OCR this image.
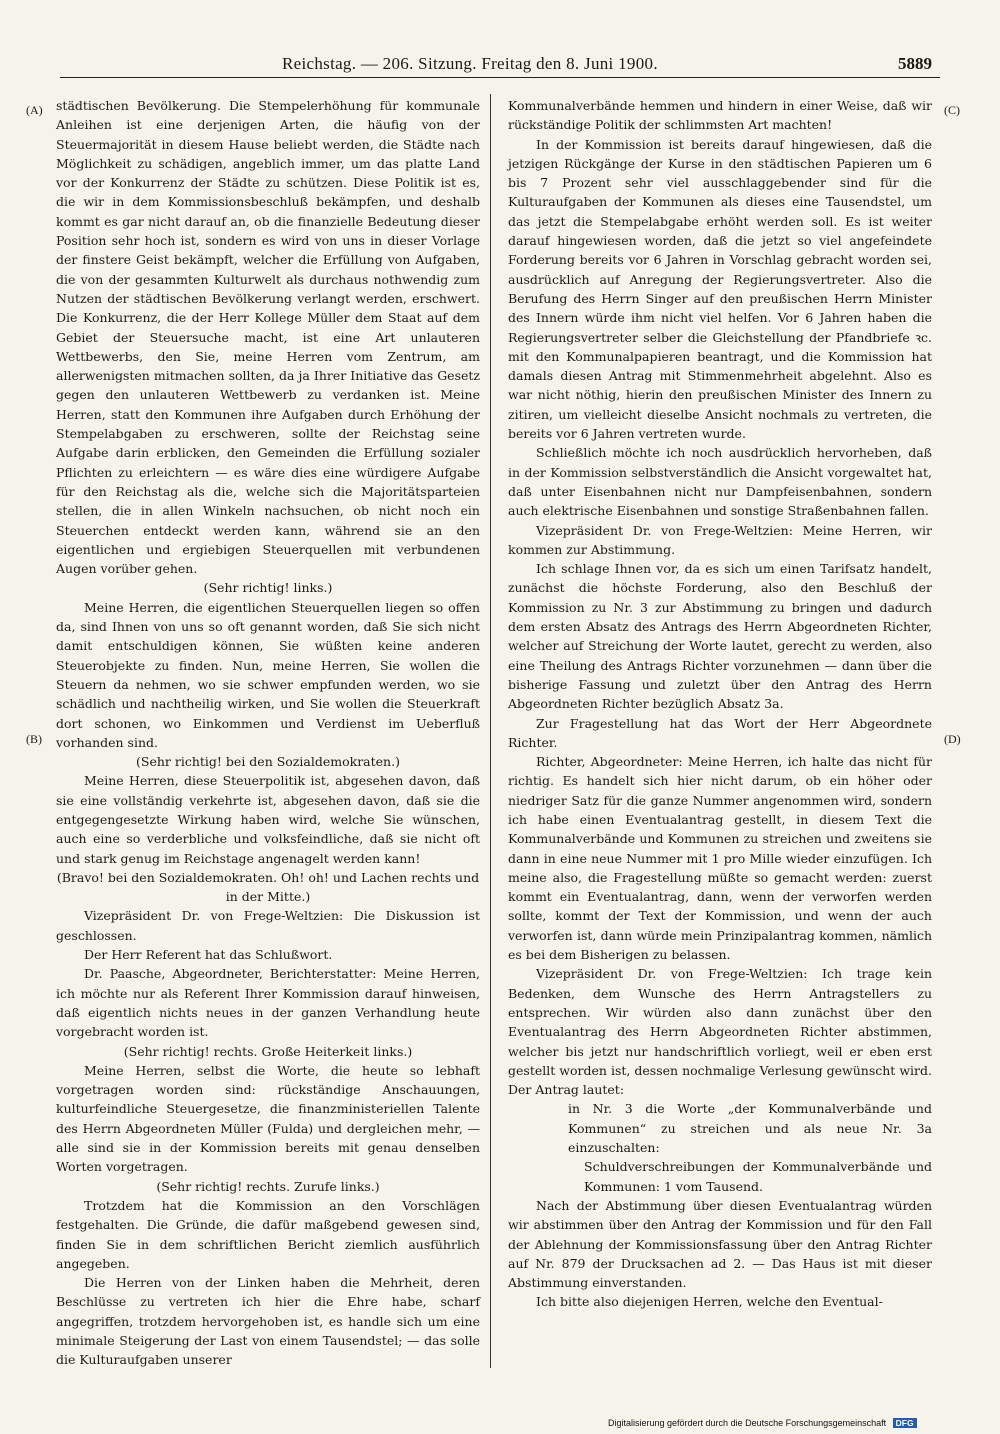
Reichstag. — 206. Sitzung. Freitag den 8. Juni 1900.	5889
(A)
(B)
(C)
(D)

städtischen Bevölkerung. Die Stempelerhöhung für kommunale Anleihen ist eine derjenigen Arten, die häufig von der Steuermajorität in diesem Hause beliebt werden, die Städte nach Möglichkeit zu schädigen, angeblich immer, um das platte Land vor der Konkurrenz der Städte zu schützen. Diese Politik ist es, die wir in dem Kommissionsbeschluß bekämpfen, und deshalb kommt es gar nicht darauf an, ob die finanzielle Bedeutung dieser Position sehr hoch ist, sondern es wird von uns in dieser Vorlage der finstere Geist bekämpft, welcher die Erfüllung von Aufgaben, die von der gesammten Kulturwelt als durchaus nothwendig zum Nutzen der städtischen Bevölkerung verlangt werden, erschwert. Die Konkurrenz, die der Herr Kollege Müller dem Staat auf dem Gebiet der Steuersuche macht, ist eine Art unlauteren Wettbewerbs, den Sie, meine Herren vom Zentrum, am allerwenigsten mitmachen sollten, da ja Ihrer Initiative das Gesetz gegen den unlauteren Wettbewerb zu verdanken ist. Meine Herren, statt den Kommunen ihre Aufgaben durch Erhöhung der Stempelabgaben zu erschweren, sollte der Reichstag seine Aufgabe darin erblicken, den Gemeinden die Erfüllung sozialer Pflichten zu erleichtern — es wäre dies eine würdigere Aufgabe für den Reichstag als die, welche sich die Majoritätsparteien stellen, die in allen Winkeln nachsuchen, ob nicht noch ein Steuerchen entdeckt werden kann, während sie an den eigentlichen und ergiebigen Steuerquellen mit verbundenen Augen vorüber gehen.

(Sehr richtig! links.)

Meine Herren, die eigentlichen Steuerquellen liegen so offen da, sind Ihnen von uns so oft genannt worden, daß Sie sich nicht damit entschuldigen können, Sie wüßten keine anderen Steuerobjekte zu finden. Nun, meine Herren, Sie wollen die Steuern da nehmen, wo sie schwer empfunden werden, wo sie schädlich und nachtheilig wirken, und Sie wollen die Steuerkraft dort schonen, wo Einkommen und Verdienst im Ueberfluß vorhanden sind.

(Sehr richtig! bei den Sozialdemokraten.)

Meine Herren, diese Steuerpolitik ist, abgesehen davon, daß sie eine vollständig verkehrte ist, abgesehen davon, daß sie die entgegengesetzte Wirkung haben wird, welche Sie wünschen, auch eine so verderbliche und volksfeindliche, daß sie nicht oft und stark genug im Reichstage angenagelt werden kann!

(Bravo! bei den Sozialdemokraten. Oh! oh! und Lachen rechts und in der Mitte.)

Vizepräsident Dr. von Frege-Weltzien: Die Diskussion ist geschlossen.

Der Herr Referent hat das Schlußwort.

Dr. Paasche, Abgeordneter, Berichterstatter: Meine Herren, ich möchte nur als Referent Ihrer Kommission darauf hinweisen, daß eigentlich nichts neues in der ganzen Verhandlung heute vorgebracht worden ist.

(Sehr richtig! rechts. Große Heiterkeit links.)

Meine Herren, selbst die Worte, die heute so lebhaft vorgetragen worden sind: rückständige Anschauungen, kulturfeindliche Steuergesetze, die finanzministeriellen Talente des Herrn Abgeordneten Müller (Fulda) und dergleichen mehr, — alle sind sie in der Kommission bereits mit genau denselben Worten vorgetragen.

(Sehr richtig! rechts. Zurufe links.)

Trotzdem hat die Kommission an den Vorschlägen festgehalten. Die Gründe, die dafür maßgebend gewesen sind, finden Sie in dem schriftlichen Bericht ziemlich ausführlich angegeben.

Die Herren von der Linken haben die Mehrheit, deren Beschlüsse zu vertreten ich hier die Ehre habe, scharf angegriffen, trotzdem hervorgehoben ist, es handle sich um eine minimale Steigerung der Last von einem Tausendstel; — das solle die Kulturaufgaben unserer

Kommunalverbände hemmen und hindern in einer Weise, daß wir rückständige Politik der schlimmsten Art machten!

In der Kommission ist bereits darauf hingewiesen, daß die jetzigen Rückgänge der Kurse in den städtischen Papieren um 6 bis 7 Prozent sehr viel ausschlaggebender sind für die Kulturaufgaben der Kommunen als dieses eine Tausendstel, um das jetzt die Stempelabgabe erhöht werden soll. Es ist weiter darauf hingewiesen worden, daß die jetzt so viel angefeindete Forderung bereits vor 6 Jahren in Vorschlag gebracht worden sei, ausdrücklich auf Anregung der Regierungsvertreter. Also die Berufung des Herrn Singer auf den preußischen Herrn Minister des Innern würde ihm nicht viel helfen. Vor 6 Jahren haben die Regierungsvertreter selber die Gleichstellung der Pfandbriefe ꝛc. mit den Kommunalpapieren beantragt, und die Kommission hat damals diesen Antrag mit Stimmenmehrheit abgelehnt. Also es war nicht nöthig, hierin den preußischen Minister des Innern zu zitiren, um vielleicht dieselbe Ansicht nochmals zu vertreten, die bereits vor 6 Jahren vertreten wurde.

Schließlich möchte ich noch ausdrücklich hervorheben, daß in der Kommission selbstverständlich die Ansicht vorgewaltet hat, daß unter Eisenbahnen nicht nur Dampfeisenbahnen, sondern auch elektrische Eisenbahnen und sonstige Straßenbahnen fallen.

Vizepräsident Dr. von Frege-Weltzien: Meine Herren, wir kommen zur Abstimmung.

Ich schlage Ihnen vor, da es sich um einen Tarifsatz handelt, zunächst die höchste Forderung, also den Beschluß der Kommission zu Nr. 3 zur Abstimmung zu bringen und dadurch dem ersten Absatz des Antrags des Herrn Abgeordneten Richter, welcher auf Streichung der Worte lautet, gerecht zu werden, also eine Theilung des Antrags Richter vorzunehmen — dann über die bisherige Fassung und zuletzt über den Antrag des Herrn Abgeordneten Richter bezüglich Absatz 3a.

Zur Fragestellung hat das Wort der Herr Abgeordnete Richter.

Richter, Abgeordneter: Meine Herren, ich halte das nicht für richtig. Es handelt sich hier nicht darum, ob ein höher oder niedriger Satz für die ganze Nummer angenommen wird, sondern ich habe einen Eventualantrag gestellt, in diesem Text die Kommunalverbände und Kommunen zu streichen und zweitens sie dann in eine neue Nummer mit 1 pro Mille wieder einzufügen. Ich meine also, die Fragestellung müßte so gemacht werden: zuerst kommt ein Eventualantrag, dann, wenn der verworfen werden sollte, kommt der Text der Kommission, und wenn der auch verworfen ist, dann würde mein Prinzipalantrag kommen, nämlich es bei dem Bisherigen zu belassen.

Vizepräsident Dr. von Frege-Weltzien: Ich trage kein Bedenken, dem Wunsche des Herrn Antragstellers zu entsprechen. Wir würden also dann zunächst über den Eventualantrag des Herrn Abgeordneten Richter abstimmen, welcher bis jetzt nur handschriftlich vorliegt, weil er eben erst gestellt worden ist, dessen nochmalige Verlesung gewünscht wird. Der Antrag lautet:

in Nr. 3 die Worte „der Kommunalverbände und Kommunen“ zu streichen und als neue Nr. 3a einzuschalten:

Schuldverschreibungen der Kommunalverbände und Kommunen: 1 vom Tausend.

Nach der Abstimmung über diesen Eventualantrag würden wir abstimmen über den Antrag der Kommission und für den Fall der Ablehnung der Kommissionsfassung über den Antrag Richter auf Nr. 879 der Drucksachen ad 2. — Das Haus ist mit dieser Abstimmung einverstanden.

Ich bitte also diejenigen Herren, welche den Eventual-

Digitalisierung gefördert durch die Deutsche Forschungsgemeinschaft DFG
